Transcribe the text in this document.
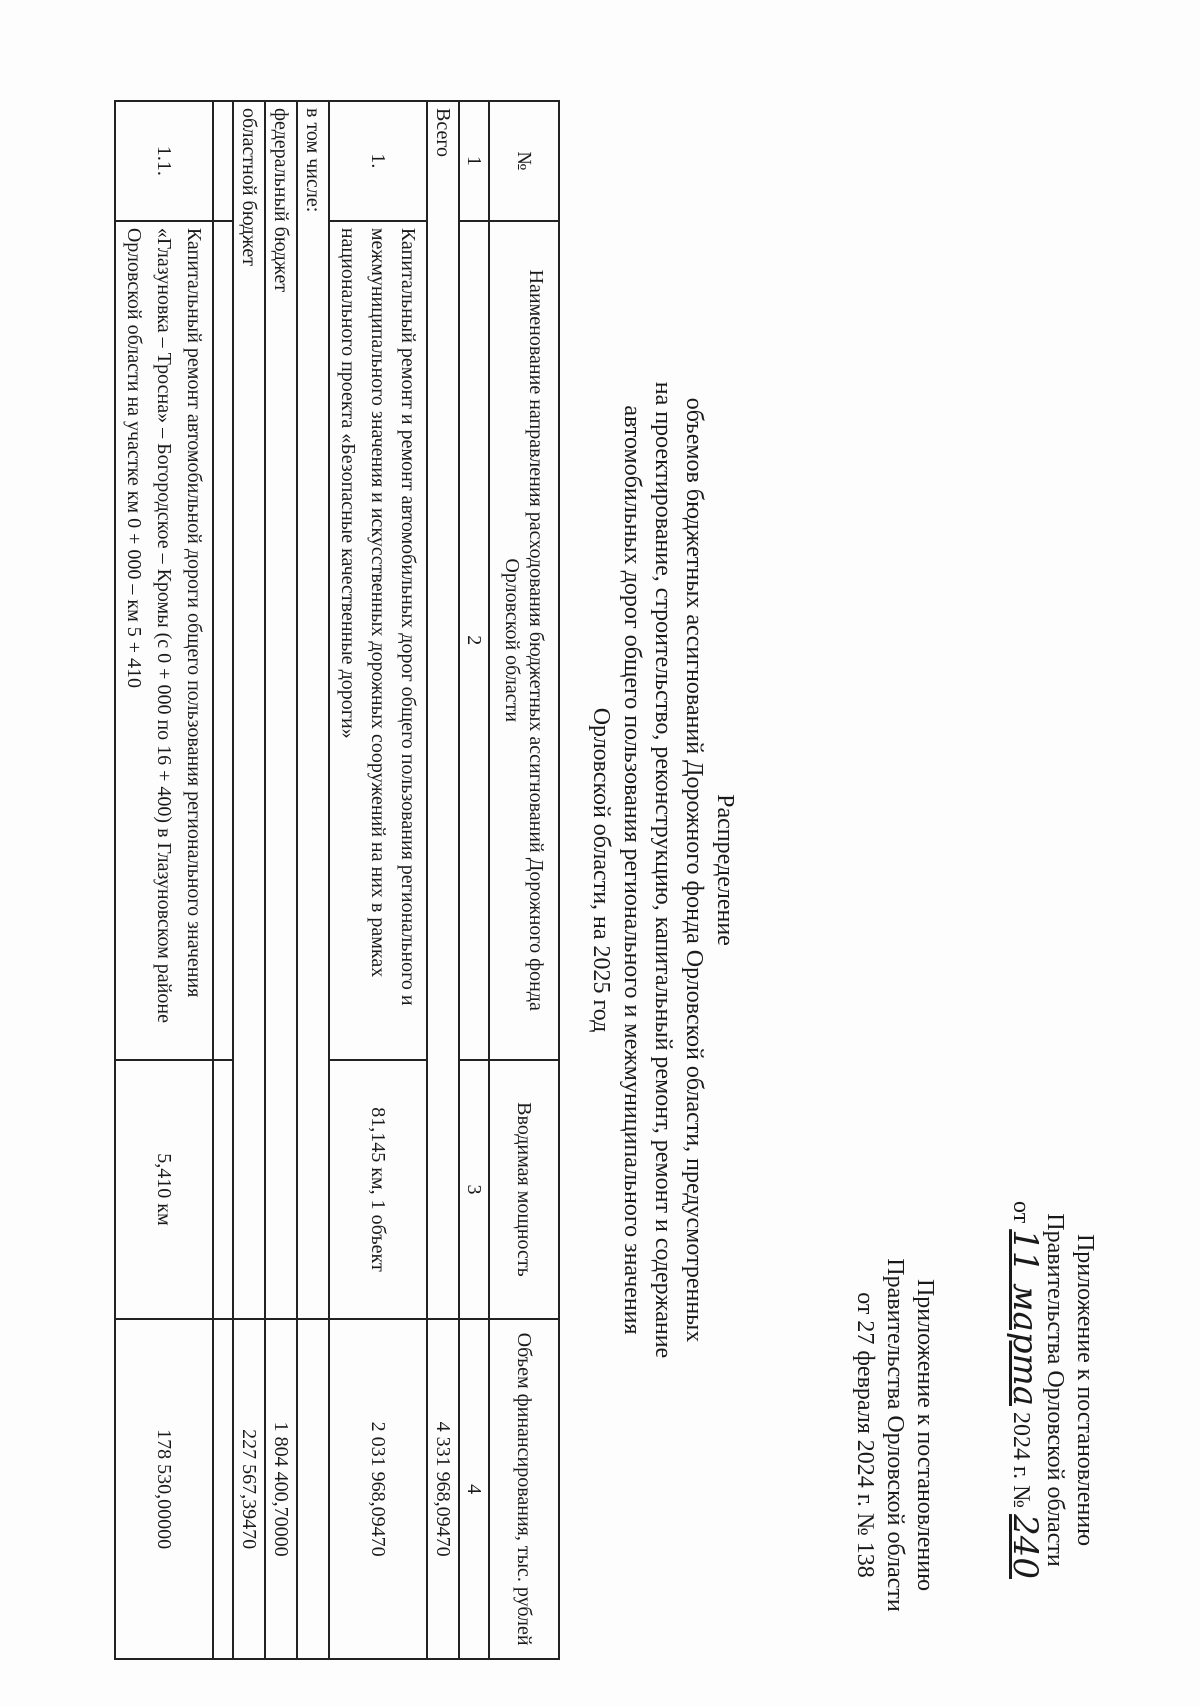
Приложение к постановлению
Правительства Орловской области
от 11 марта 2024 г. № 240
Приложение к постановлению
Правительства Орловской области
от 27 февраля 2024 г. № 138
Распределение
объемов бюджетных ассигнований Дорожного фонда Орловской области, предусмотренных
на проектирование, строительство, реконструкцию, капитальный ремонт, ремонт и содержание
автомобильных дорог общего пользования регионального и межмуниципального значения
Орловской области, на 2025 год
№	Наименование направления расходования бюджетных ассигнований Дорожного фонда Орловской области	Вводимая мощность	Объем финансирования, тыс. рублей
1	2	3	4
Всего			4 331 968,09470
1.	Капитальный ремонт и ремонт автомобильных дорог общего пользования регионального и межмуниципального значения и искусственных дорожных сооружений на них в рамках национального проекта «Безопасные качественные дороги»	81,145 км, 1 объект	2 031 968,09470
в том числе:			
федеральный бюджет			1 804 400,70000
областной бюджет			227 567,39470

1.1.	Капитальный ремонт автомобильной дороги общего пользования регионального значения «Глазуновка – Тросна» – Богородское – Кромы (с 0 + 000 по 16 + 400) в Глазуновском районе Орловской области на участке км 0 + 000 – км 5 + 410	5,410 км	178 530,00000
